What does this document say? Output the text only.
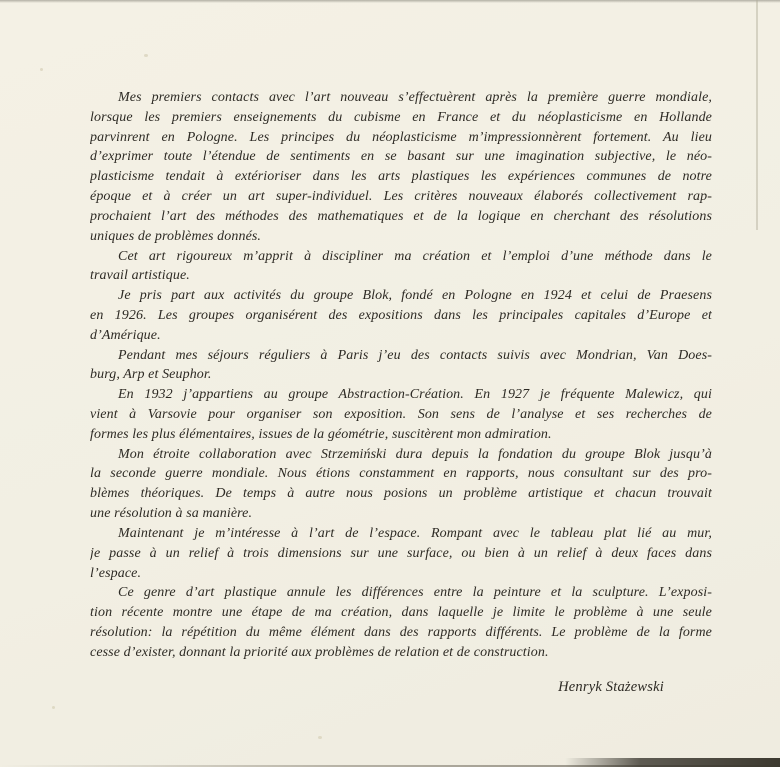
Mes premiers contacts avec l’art nouveau s’effectuèrent après la première guerre mondiale,
lorsque les premiers enseignements du cubisme en France et du néoplasticisme en Hollande
parvinrent en Pologne. Les principes du néoplasticisme m’impressionnèrent fortement. Au lieu
d’exprimer toute l’étendue de sentiments en se basant sur une imagination subjective, le néo-
plasticisme tendait à extérioriser dans les arts plastiques les expériences communes de notre
époque et à créer un art super-individuel. Les critères nouveaux élaborés collectivement rap-
prochaient l’art des méthodes des mathematiques et de la logique en cherchant des résolutions
uniques de problèmes donnés.
Cet art rigoureux m’apprit à discipliner ma création et l’emploi d’une méthode dans le
travail artistique.
Je pris part aux activités du groupe Blok, fondé en Pologne en 1924 et celui de Praesens
en 1926. Les groupes organisérent des expositions dans les principales capitales d’Europe et
d’Amérique.
Pendant mes séjours réguliers à Paris j’eu des contacts suivis avec Mondrian, Van Does-
burg, Arp et Seuphor.
En 1932 j’appartiens au groupe Abstraction-Création. En 1927 je fréquente Malewicz, qui
vient à Varsovie pour organiser son exposition. Son sens de l’analyse et ses recherches de
formes les plus élémentaires, issues de la géométrie, suscitèrent mon admiration.
Mon étroite collaboration avec Strzemiński dura depuis la fondation du groupe Blok jusqu’à
la seconde guerre mondiale. Nous étions constamment en rapports, nous consultant sur des pro-
blèmes théoriques. De temps à autre nous posions un problème artistique et chacun trouvait
une résolution à sa manière.
Maintenant je m’intéresse à l’art de l’espace. Rompant avec le tableau plat lié au mur,
je passe à un relief à trois dimensions sur une surface, ou bien à un relief à deux faces dans
l’espace.
Ce genre d’art plastique annule les différences entre la peinture et la sculpture. L’exposi-
tion récente montre une étape de ma création, dans laquelle je limite le problème à une seule
résolution: la répétition du même élément dans des rapports différents. Le problème de la forme
cesse d’exister, donnant la priorité aux problèmes de relation et de construction.
Henryk Stażewski
